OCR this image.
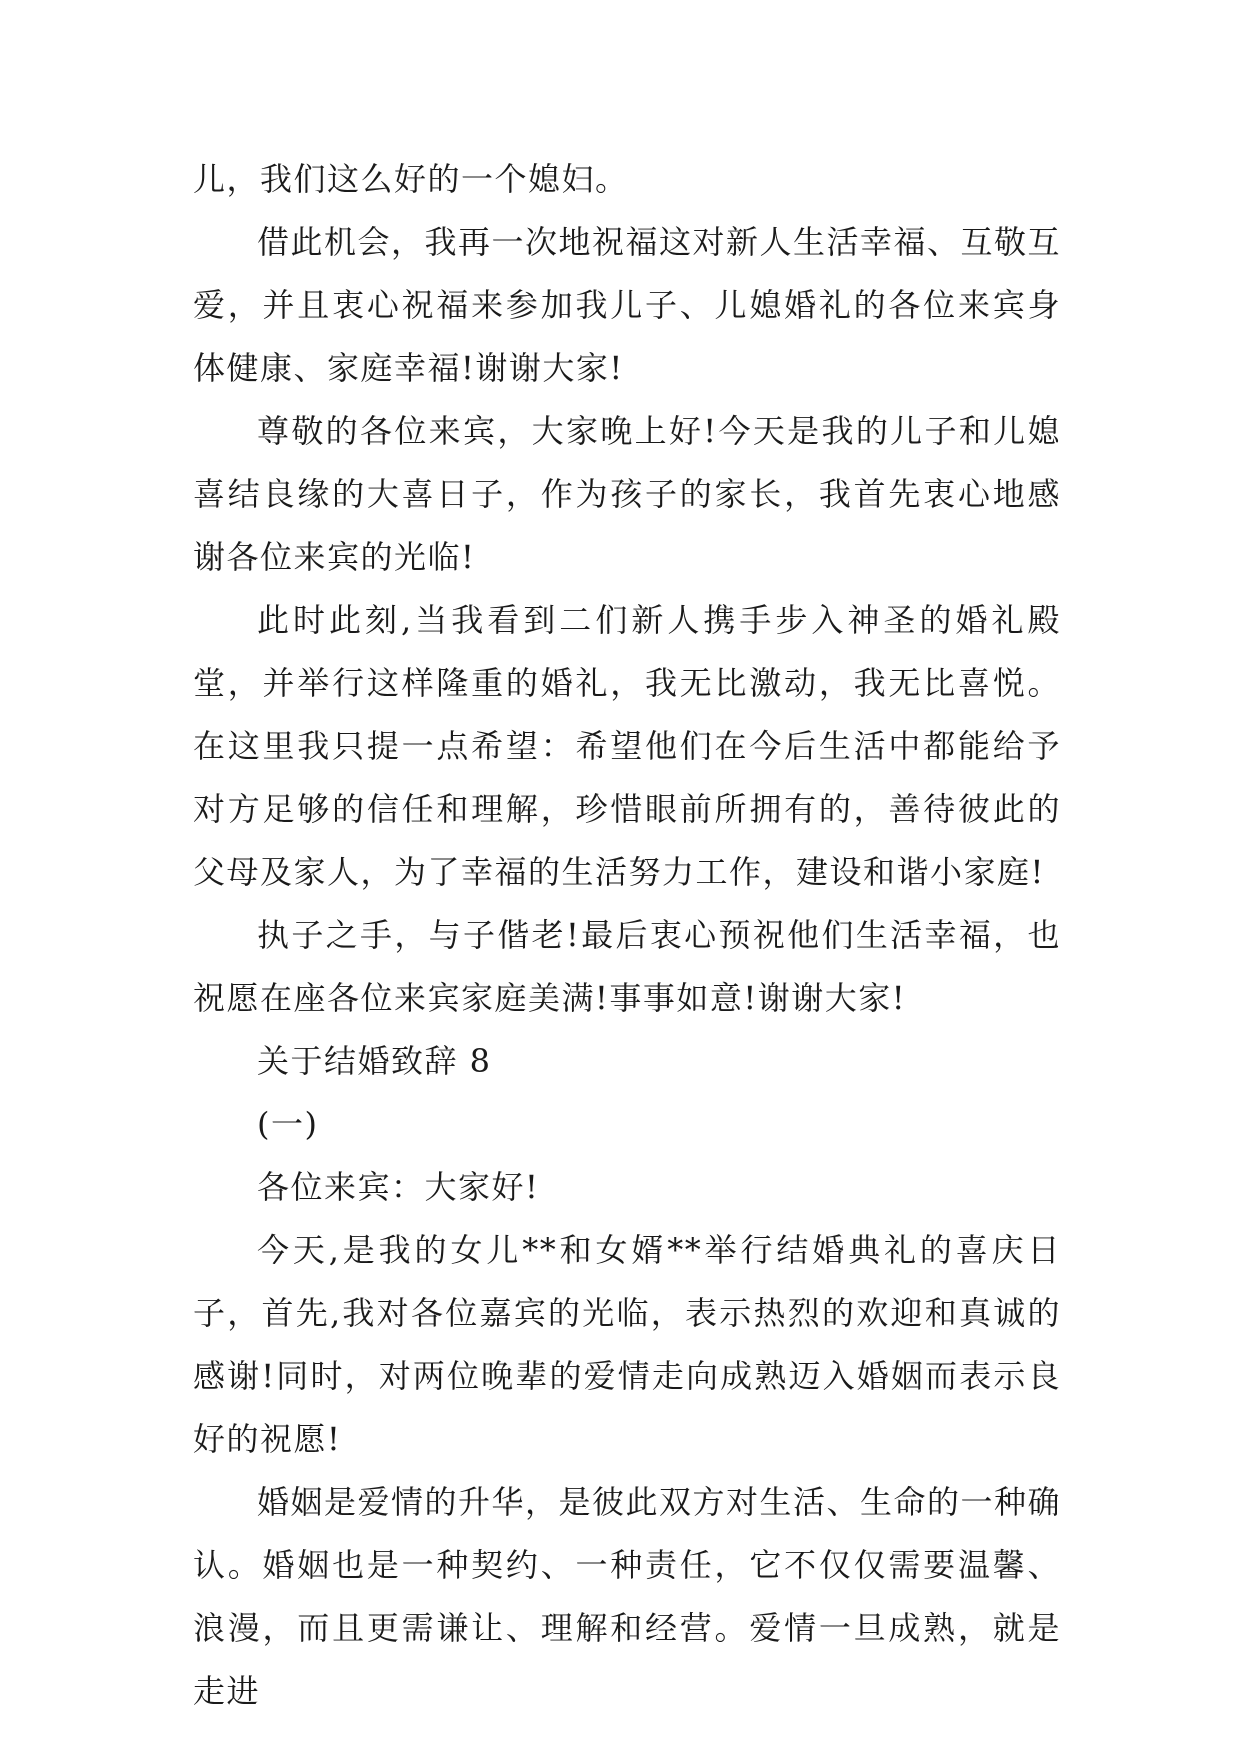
儿，我们这么好的一个媳妇。

借此机会，我再一次地祝福这对新人生活幸福、互敬互爱，并且衷心祝福来参加我儿子、儿媳婚礼的各位来宾身体健康、家庭幸福!谢谢大家!

尊敬的各位来宾，大家晚上好!今天是我的儿子和儿媳喜结良缘的大喜日子，作为孩子的家长，我首先衷心地感谢各位来宾的光临!

此时此刻,当我看到二们新人携手步入神圣的婚礼殿堂，并举行这样隆重的婚礼，我无比激动，我无比喜悦。在这里我只提一点希望：希望他们在今后生活中都能给予对方足够的信任和理解，珍惜眼前所拥有的，善待彼此的父母及家人，为了幸福的生活努力工作，建设和谐小家庭!

执子之手，与子偕老!最后衷心预祝他们生活幸福，也祝愿在座各位来宾家庭美满!事事如意!谢谢大家!

关于结婚致辞 8

(一)

各位来宾：大家好!

今天,是我的女儿**和女婿**举行结婚典礼的喜庆日子，首先,我对各位嘉宾的光临，表示热烈的欢迎和真诚的感谢!同时，对两位晚辈的爱情走向成熟迈入婚姻而表示良好的祝愿!

婚姻是爱情的升华，是彼此双方对生活、生命的一种确认。婚姻也是一种契约、一种责任，它不仅仅需要温馨、浪漫，而且更需谦让、理解和经营。爱情一旦成熟，就是走进
